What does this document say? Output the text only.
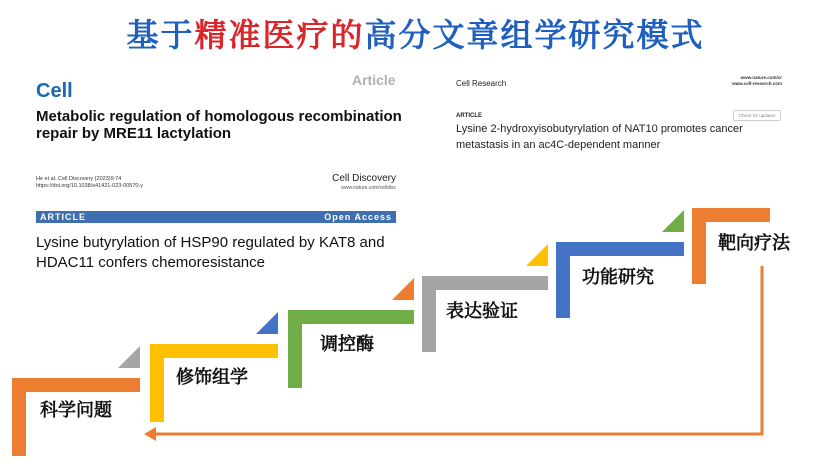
基于精准医疗的高分文章组学研究模式
Cell	Article
Metabolic regulation of homologous recombination repair by MRE11 lactylation
He et al. Cell Discovery (2023)9:74
https://doi.org/10.1038/s41421-023-00570-y
Cell Discovery
www.nature.com/celldisc
ARTICLE	Open Access
Lysine butyrylation of HSP90 regulated by KAT8 and HDAC11 confers chemoresistance
Cell Research
www.nature.com/cr
www.cell-research.com
ARTICLE	Check for updates
Lysine 2-hydroxyisobutyrylation of NAT10 promotes cancer metastasis in an ac4C-dependent manner
科学问题
修饰组学
调控酶
表达验证
功能研究
靶向疗法
